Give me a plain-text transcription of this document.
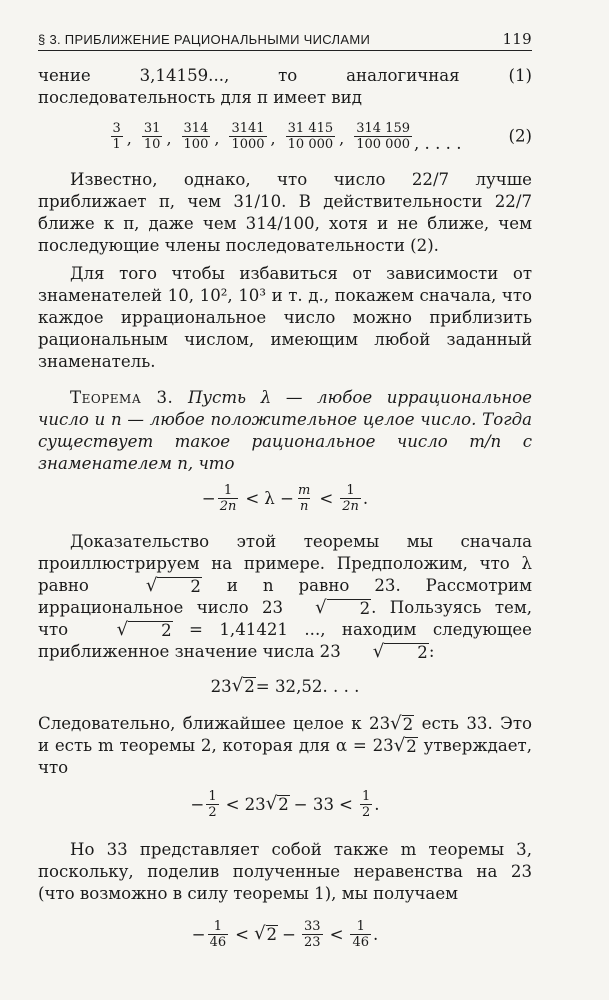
§ 3. ПРИБЛИЖЕНИЕ РАЦИОНАЛЬНЫМИ ЧИСЛАМИ	119

чение 3,14159..., то аналогичная (1) последовательность для π имеет вид

$\frac{3}{1}$ , $\frac{31}{10}$ , $\frac{314}{100}$ , $\frac{3141}{1000}$ , $\frac{31 415}{10 000}$ , $\frac{314 159}{100 000}$ , . . . .	(2)

Известно, однако, что число 22/7 лучше приближает π, чем 31/10. В действительности 22/7 ближе к π, даже чем 314/100, хотя и не ближе, чем последующие члены последовательности (2).

Для того чтобы избавиться от зависимости от знаменателей 10, 10², 10³ и т. д., покажем сначала, что каждое иррациональное число можно приблизить рациональным числом, имеющим любой заданный знаменатель.

Теорема 3. Пусть λ — любое иррациональное число и n — любое положительное целое число. Тогда существует такое рациональное число m/n с знаменателем n, что

− $\frac{1}{2n} < \lambda - \frac{m}{n} < \frac{1}{2n}$ .

Доказательство этой теоремы мы сначала проиллюстрируем на примере. Предположим, что λ равно	√	2 и n равно 23. Рассмотрим иррациональное число 23	√	2 . Пользуясь тем, что	√	2 = 1,41421 ..., находим следующее приближенное значение числа 23	√	2 :

23 √ 2 = 32,52. . . .

Следовательно, ближайшее целое к 23 √ 2 есть 33. Это и есть m теоремы 2, которая для α = 23 √ 2 утверждает, что

− $\frac{1}{2} < 23$ √ $2 - 33 < \frac{1}{2}$ .

Но 33 представляет собой также m теоремы 3, поскольку, поделив полученные неравенства на 23 (что возможно в силу теоремы 1), мы получаем

− $\frac{1}{46}$ < √ $2 - \frac{33}{23} < \frac{1}{46}$ .
